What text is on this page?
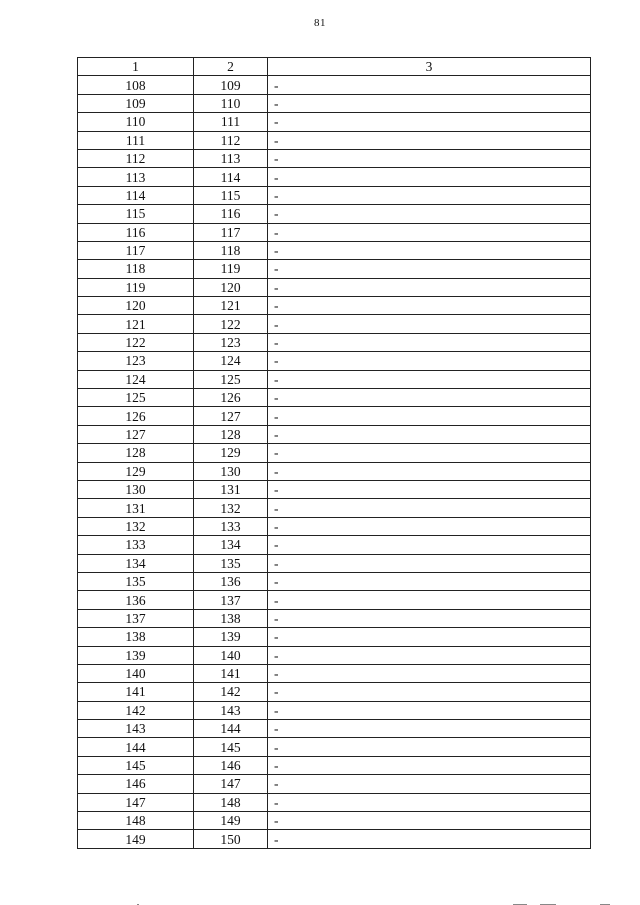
81
1	2	3
108	109	-
109	110	-
110	111	-
111	112	-
112	113	-
113	114	-
114	115	-
115	116	-
116	117	-
117	118	-
118	119	-
119	120	-
120	121	-
121	122	-
122	123	-
123	124	-
124	125	-
125	126	-
126	127	-
127	128	-
128	129	-
129	130	-
130	131	-
131	132	-
132	133	-
133	134	-
134	135	-
135	136	-
136	137	-
137	138	-
138	139	-
139	140	-
140	141	-
141	142	-
142	143	-
143	144	-
144	145	-
145	146	-
146	147	-
147	148	-
148	149	-
149	150	-
